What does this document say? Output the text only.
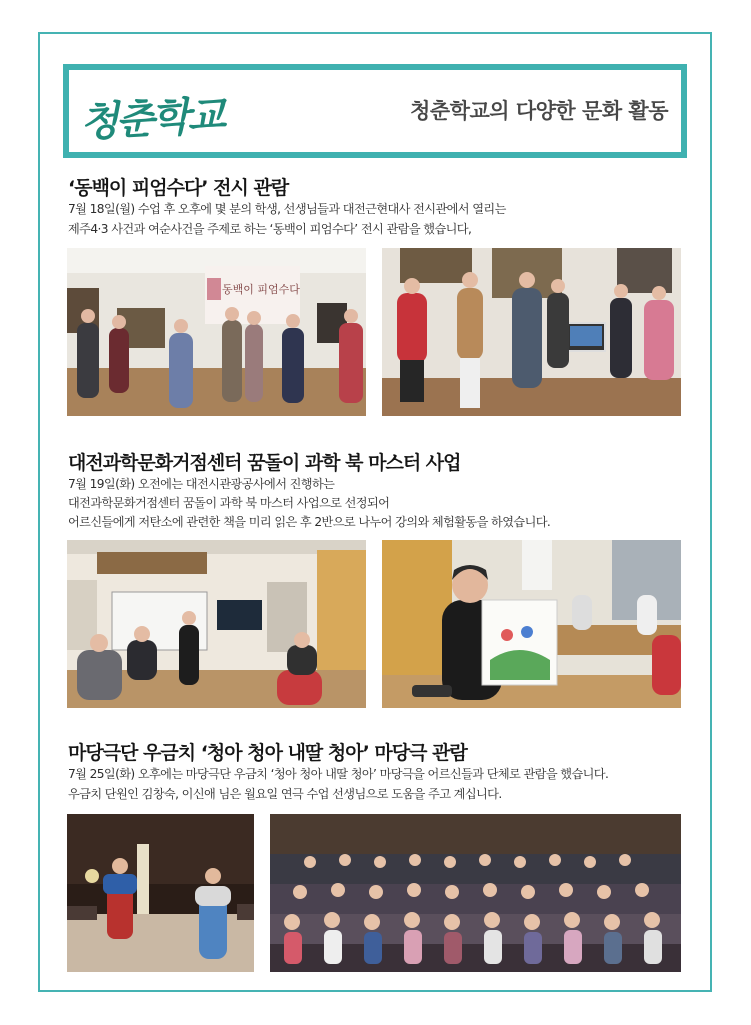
청춘학교	청춘학교의 다양한 문화 활동
‘동백이 피엄수다’ 전시 관람
7월 18일(월) 수업 후 오후에 몇 분의 학생, 선생님들과 대전근현대사 전시관에서 열리는
제주4·3 사건과 여순사건을 주제로 하는 ‘동백이 피엄수다’ 전시 관람을 했습니다,
동백이 피엄수다
대전과학문화거점센터 꿈돌이 과학 북 마스터 사업
7월 19일(화) 오전에는 대전시관광공사에서 진행하는
대전과학문화거점센터 꿈돌이 과학 북 마스터 사업으로 선정되어
어르신들에게 저탄소에 관련한 책을 미리 읽은 후 2반으로 나누어 강의와 체험활동을 하였습니다.
마당극단 우금치 ‘청아 청아 내딸 청아’ 마당극 관람
7월 25일(화) 오후에는 마당극단 우금치 ‘청아 청아 내딸 청아’ 마당극을 어르신들과 단체로 관람을 했습니다.
우금치 단원인 김창숙, 이신애 님은 월요일 연극 수업 선생님으로 도움을 주고 계십니다.
